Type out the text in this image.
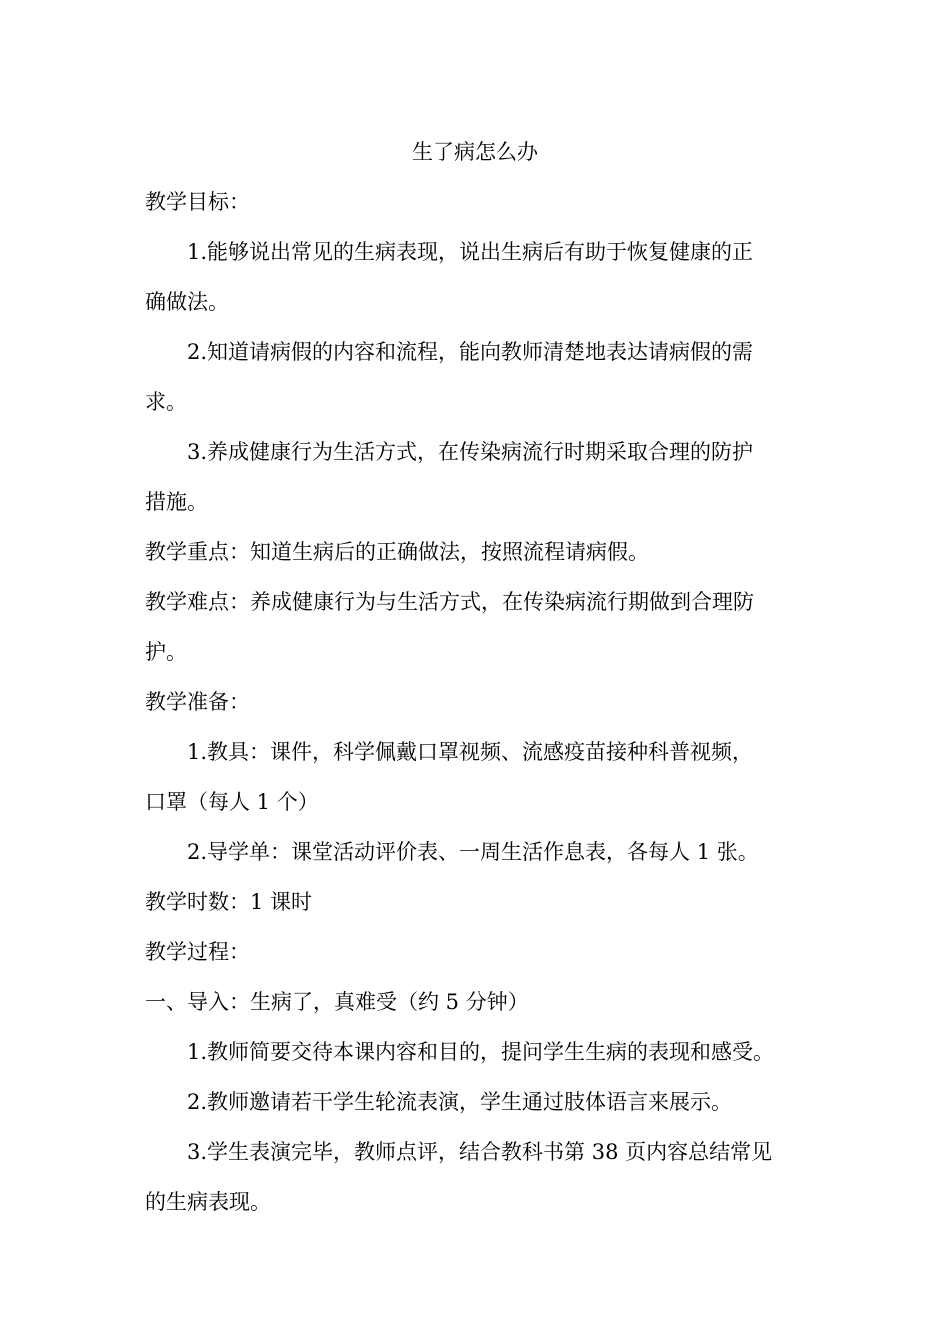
生了病怎么办

教学目标：

1.能够说出常见的生病表现，说出生病后有助于恢复健康的正

确做法。

2.知道请病假的内容和流程，能向教师清楚地表达请病假的需

求。

3.养成健康行为生活方式，在传染病流行时期采取合理的防护

措施。

教学重点：知道生病后的正确做法，按照流程请病假。

教学难点：养成健康行为与生活方式，在传染病流行期做到合理防

护。

教学准备：

1.教具：课件，科学佩戴口罩视频、流感疫苗接种科普视频，

口罩（每人 1 个）

2.导学单：课堂活动评价表、一周生活作息表，各每人 1 张。

教学时数：1 课时

教学过程：

一、导入：生病了，真难受（约 5 分钟）

1.教师简要交待本课内容和目的，提问学生生病的表现和感受。

2.教师邀请若干学生轮流表演，学生通过肢体语言来展示。

3.学生表演完毕，教师点评，结合教科书第 38 页内容总结常见

的生病表现。
